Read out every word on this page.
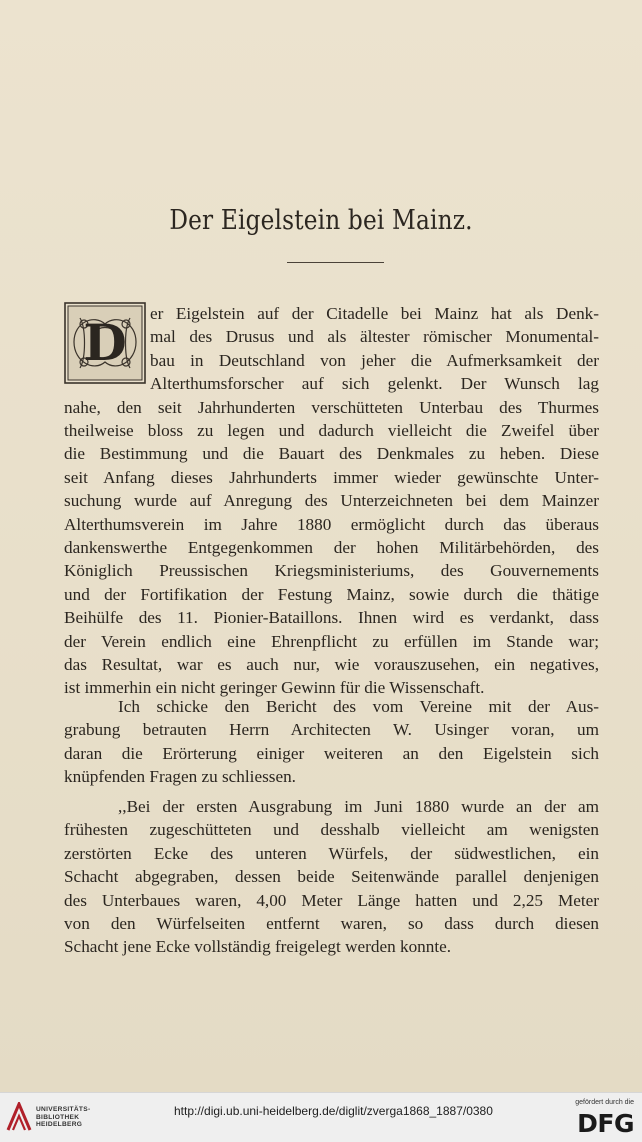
Der Eigelstein bei Mainz.
D er Eigelstein auf der Citadelle bei Mainz hat als Denk-
mal des Drusus und als ältester römischer Monumental-
bau in Deutschland von jeher die Aufmerksamkeit der
Alterthumsforscher auf sich gelenkt. Der Wunsch lag
nahe, den seit Jahrhunderten verschütteten Unterbau des Thurmes
theilweise bloss zu legen und dadurch vielleicht die Zweifel über
die Bestimmung und die Bauart des Denkmales zu heben. Diese
seit Anfang dieses Jahrhunderts immer wieder gewünschte Unter-
suchung wurde auf Anregung des Unterzeichneten bei dem Mainzer
Alterthumsverein im Jahre 1880 ermöglicht durch das überaus
dankenswerthe Entgegenkommen der hohen Militärbehörden, des
Königlich Preussischen Kriegsministeriums, des Gouvernements
und der Fortifikation der Festung Mainz, sowie durch die thätige
Beihülfe des 11. Pionier-Bataillons. Ihnen wird es verdankt, dass
der Verein endlich eine Ehrenpflicht zu erfüllen im Stande war;
das Resultat, war es auch nur, wie vorauszusehen, ein negatives,
ist immerhin ein nicht geringer Gewinn für die Wissenschaft.
Ich schicke den Bericht des vom Vereine mit der Aus-
grabung betrauten Herrn Architecten W. Usinger voran, um
daran die Erörterung einiger weiteren an den Eigelstein sich
knüpfenden Fragen zu schliessen.
,,Bei der ersten Ausgrabung im Juni 1880 wurde an der am
frühesten zugeschütteten und desshalb vielleicht am wenigsten
zerstörten Ecke des unteren Würfels, der südwestlichen, ein
Schacht abgegraben, dessen beide Seitenwände parallel denjenigen
des Unterbaues waren, 4,00 Meter Länge hatten und 2,25 Meter
von den Würfelseiten entfernt waren, so dass durch diesen
Schacht jene Ecke vollständig freigelegt werden konnte.
UNIVERSITÄTS-
BIBLIOTHEK
HEIDELBERG
gefördert durch die
DFG
http://digi.ub.uni-heidelberg.de/diglit/zverga1868_1887/0380
